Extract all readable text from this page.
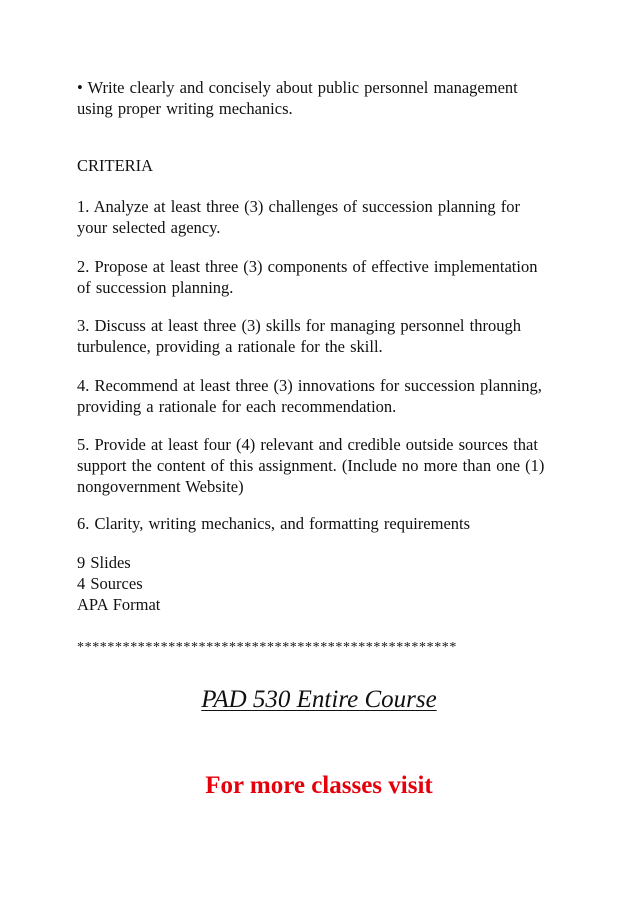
• Write clearly and concisely about public personnel management
using proper writing mechanics.

CRITERIA

1. Analyze at least three (3) challenges of succession planning for
your selected agency.

2. Propose at least three (3) components of effective implementation
of succession planning.

3. Discuss at least three (3) skills for managing personnel through
turbulence, providing a rationale for the skill.

4. Recommend at least three (3) innovations for succession planning,
providing a rationale for each recommendation.

5. Provide at least four (4) relevant and credible outside sources that
support the content of this assignment. (Include no more than one (1)
nongovernment Website)

6. Clarity, writing mechanics, and formatting requirements

9 Slides
4 Sources
APA Format

**************************************************
PAD 530 Entire Course
For more classes visit
